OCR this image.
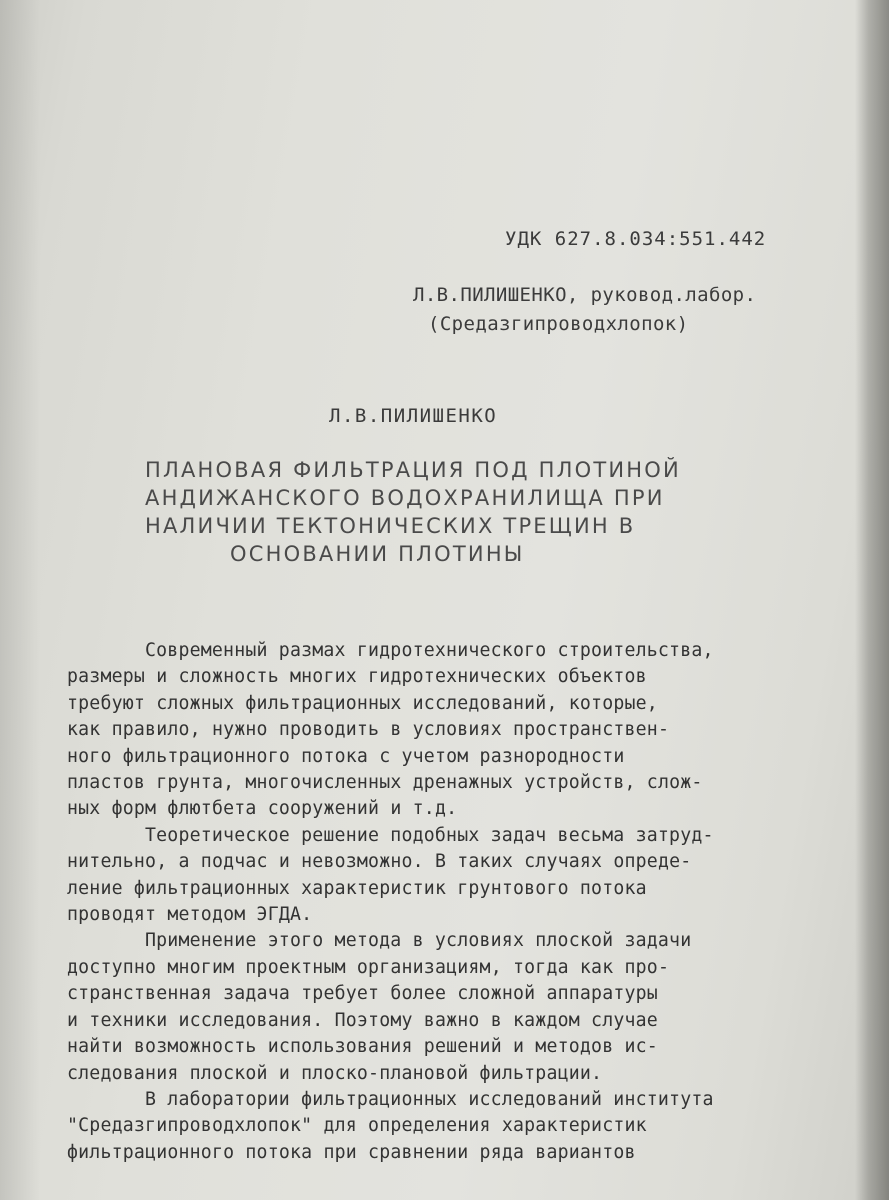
УДК 627.8.034:551.442
Л.В.ПИЛИШЕНКО, руковод.лабор.
(Средазгипроводхлопок)
Л.В.ПИЛИШЕНКО
ПЛАНОВАЯ ФИЛЬТРАЦИЯ ПОД ПЛОТИНОЙ
АНДИЖАНСКОГО ВОДОХРАНИЛИЩА ПРИ
НАЛИЧИИ ТЕКТОНИЧЕСКИХ ТРЕЩИН В
ОСНОВАНИИ ПЛОТИНЫ
Современный размах гидротехнического строительства,
размеры и сложность многих гидротехнических объектов
требуют сложных фильтрационных исследований, которые,
как правило, нужно проводить в условиях пространствен-
ного фильтрационного потока с учетом разнородности
пластов грунта, многочисленных дренажных устройств, слож-
ных форм флютбета сооружений и т.д.
Теоретическое решение подобных задач весьма затруд-
нительно, а подчас и невозможно. В таких случаях опреде-
ление фильтрационных характеристик грунтового потока
проводят методом ЭГДА.
Применение этого метода в условиях плоской задачи
доступно многим проектным организациям, тогда как про-
странственная задача требует более сложной аппаратуры
и техники исследования. Поэтому важно в каждом случае
найти возможность использования решений и методов ис-
следования плоской и плоско-плановой фильтрации.
В лаборатории фильтрационных исследований института
"Средазгипроводхлопок" для определения характеристик
фильтрационного потока при сравнении ряда вариантов
